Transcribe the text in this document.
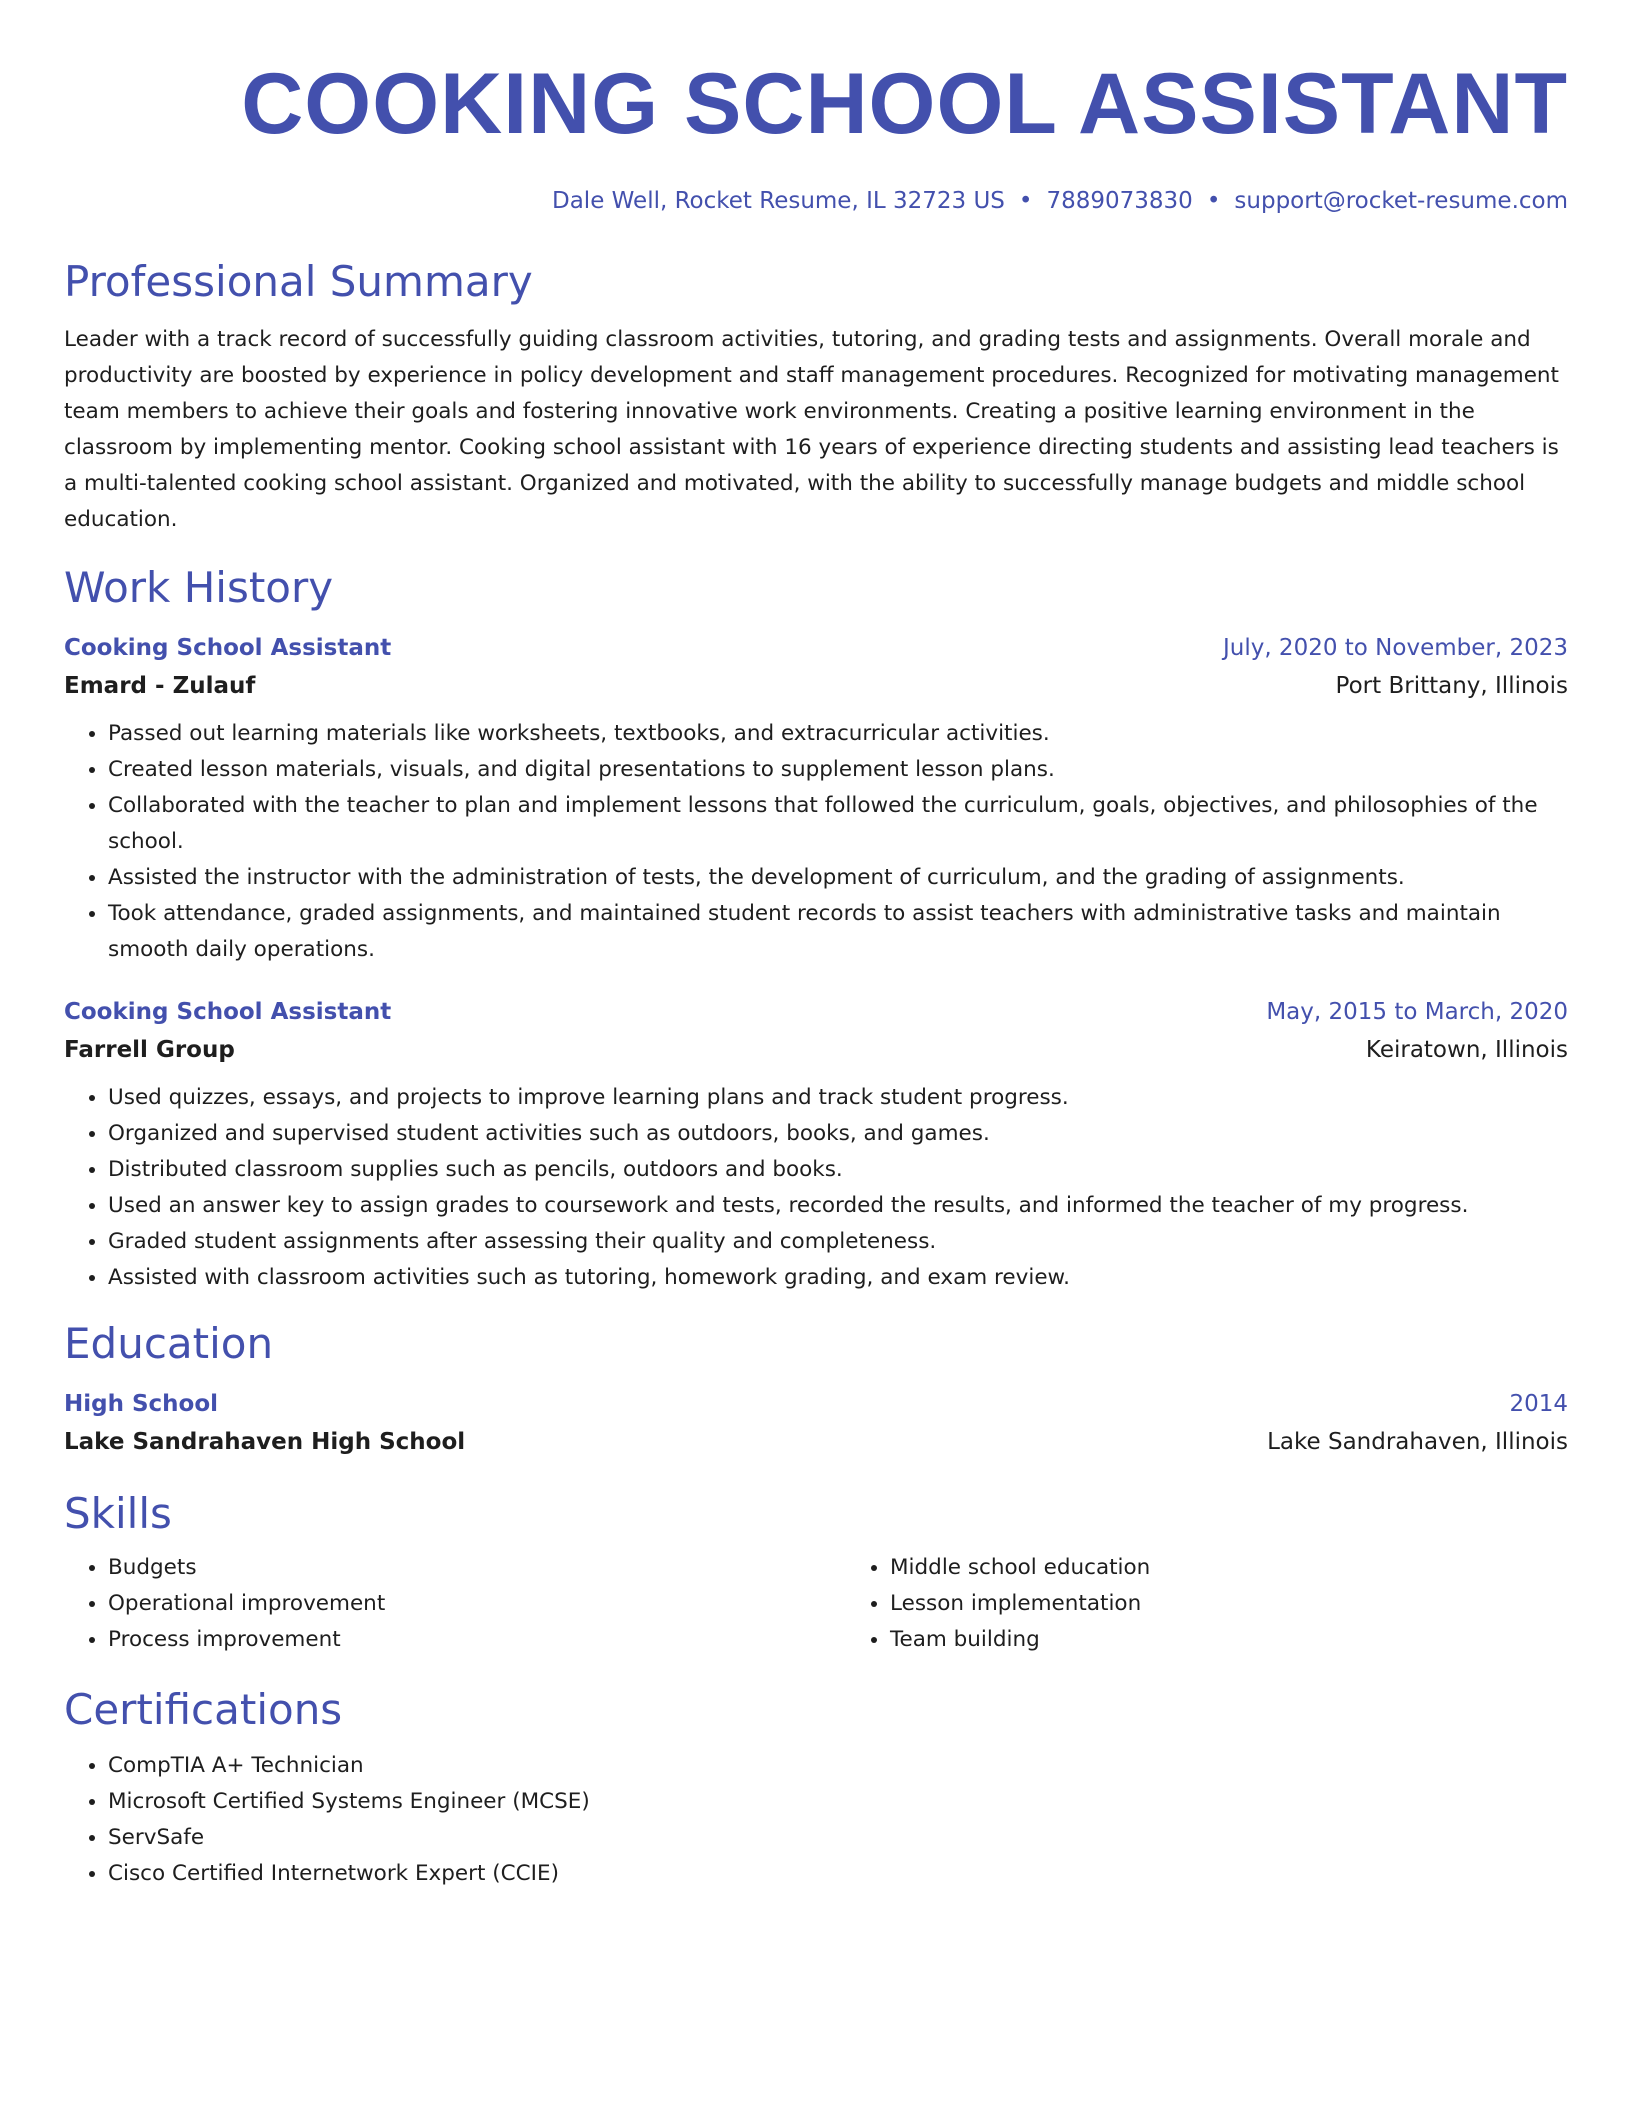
COOKING SCHOOL ASSISTANT
Dale Well, Rocket Resume, IL 32723 US • 7889073830 • support@rocket-resume.com
Professional Summary
Leader with a track record of successfully guiding classroom activities, tutoring, and grading tests and assignments. Overall morale and productivity are boosted by experience in policy development and staff management procedures. Recognized for motivating management team members to achieve their goals and fostering innovative work environments. Creating a positive learning environment in the classroom by implementing mentor. Cooking school assistant with 16 years of experience directing students and assisting lead teachers is a multi-talented cooking school assistant. Organized and motivated, with the ability to successfully manage budgets and middle school education.
Work History
Cooking School Assistant	July, 2020 to November, 2023
Emard - Zulauf	Port Brittany, Illinois
• Passed out learning materials like worksheets, textbooks, and extracurricular activities.
• Created lesson materials, visuals, and digital presentations to supplement lesson plans.
• Collaborated with the teacher to plan and implement lessons that followed the curriculum, goals, objectives, and philosophies of the school.
• Assisted the instructor with the administration of tests, the development of curriculum, and the grading of assignments.
• Took attendance, graded assignments, and maintained student records to assist teachers with administrative tasks and maintain smooth daily operations.
Cooking School Assistant	May, 2015 to March, 2020
Farrell Group	Keiratown, Illinois
• Used quizzes, essays, and projects to improve learning plans and track student progress.
• Organized and supervised student activities such as outdoors, books, and games.
• Distributed classroom supplies such as pencils, outdoors and books.
• Used an answer key to assign grades to coursework and tests, recorded the results, and informed the teacher of my progress.
• Graded student assignments after assessing their quality and completeness.
• Assisted with classroom activities such as tutoring, homework grading, and exam review.
Education
High School	2014
Lake Sandrahaven High School	Lake Sandrahaven, Illinois
Skills
• Budgets
• Operational improvement
• Process improvement
• Middle school education
• Lesson implementation
• Team building
Certifications
• CompTIA A+ Technician
• Microsoft Certified Systems Engineer (MCSE)
• ServSafe
• Cisco Certified Internetwork Expert (CCIE)
